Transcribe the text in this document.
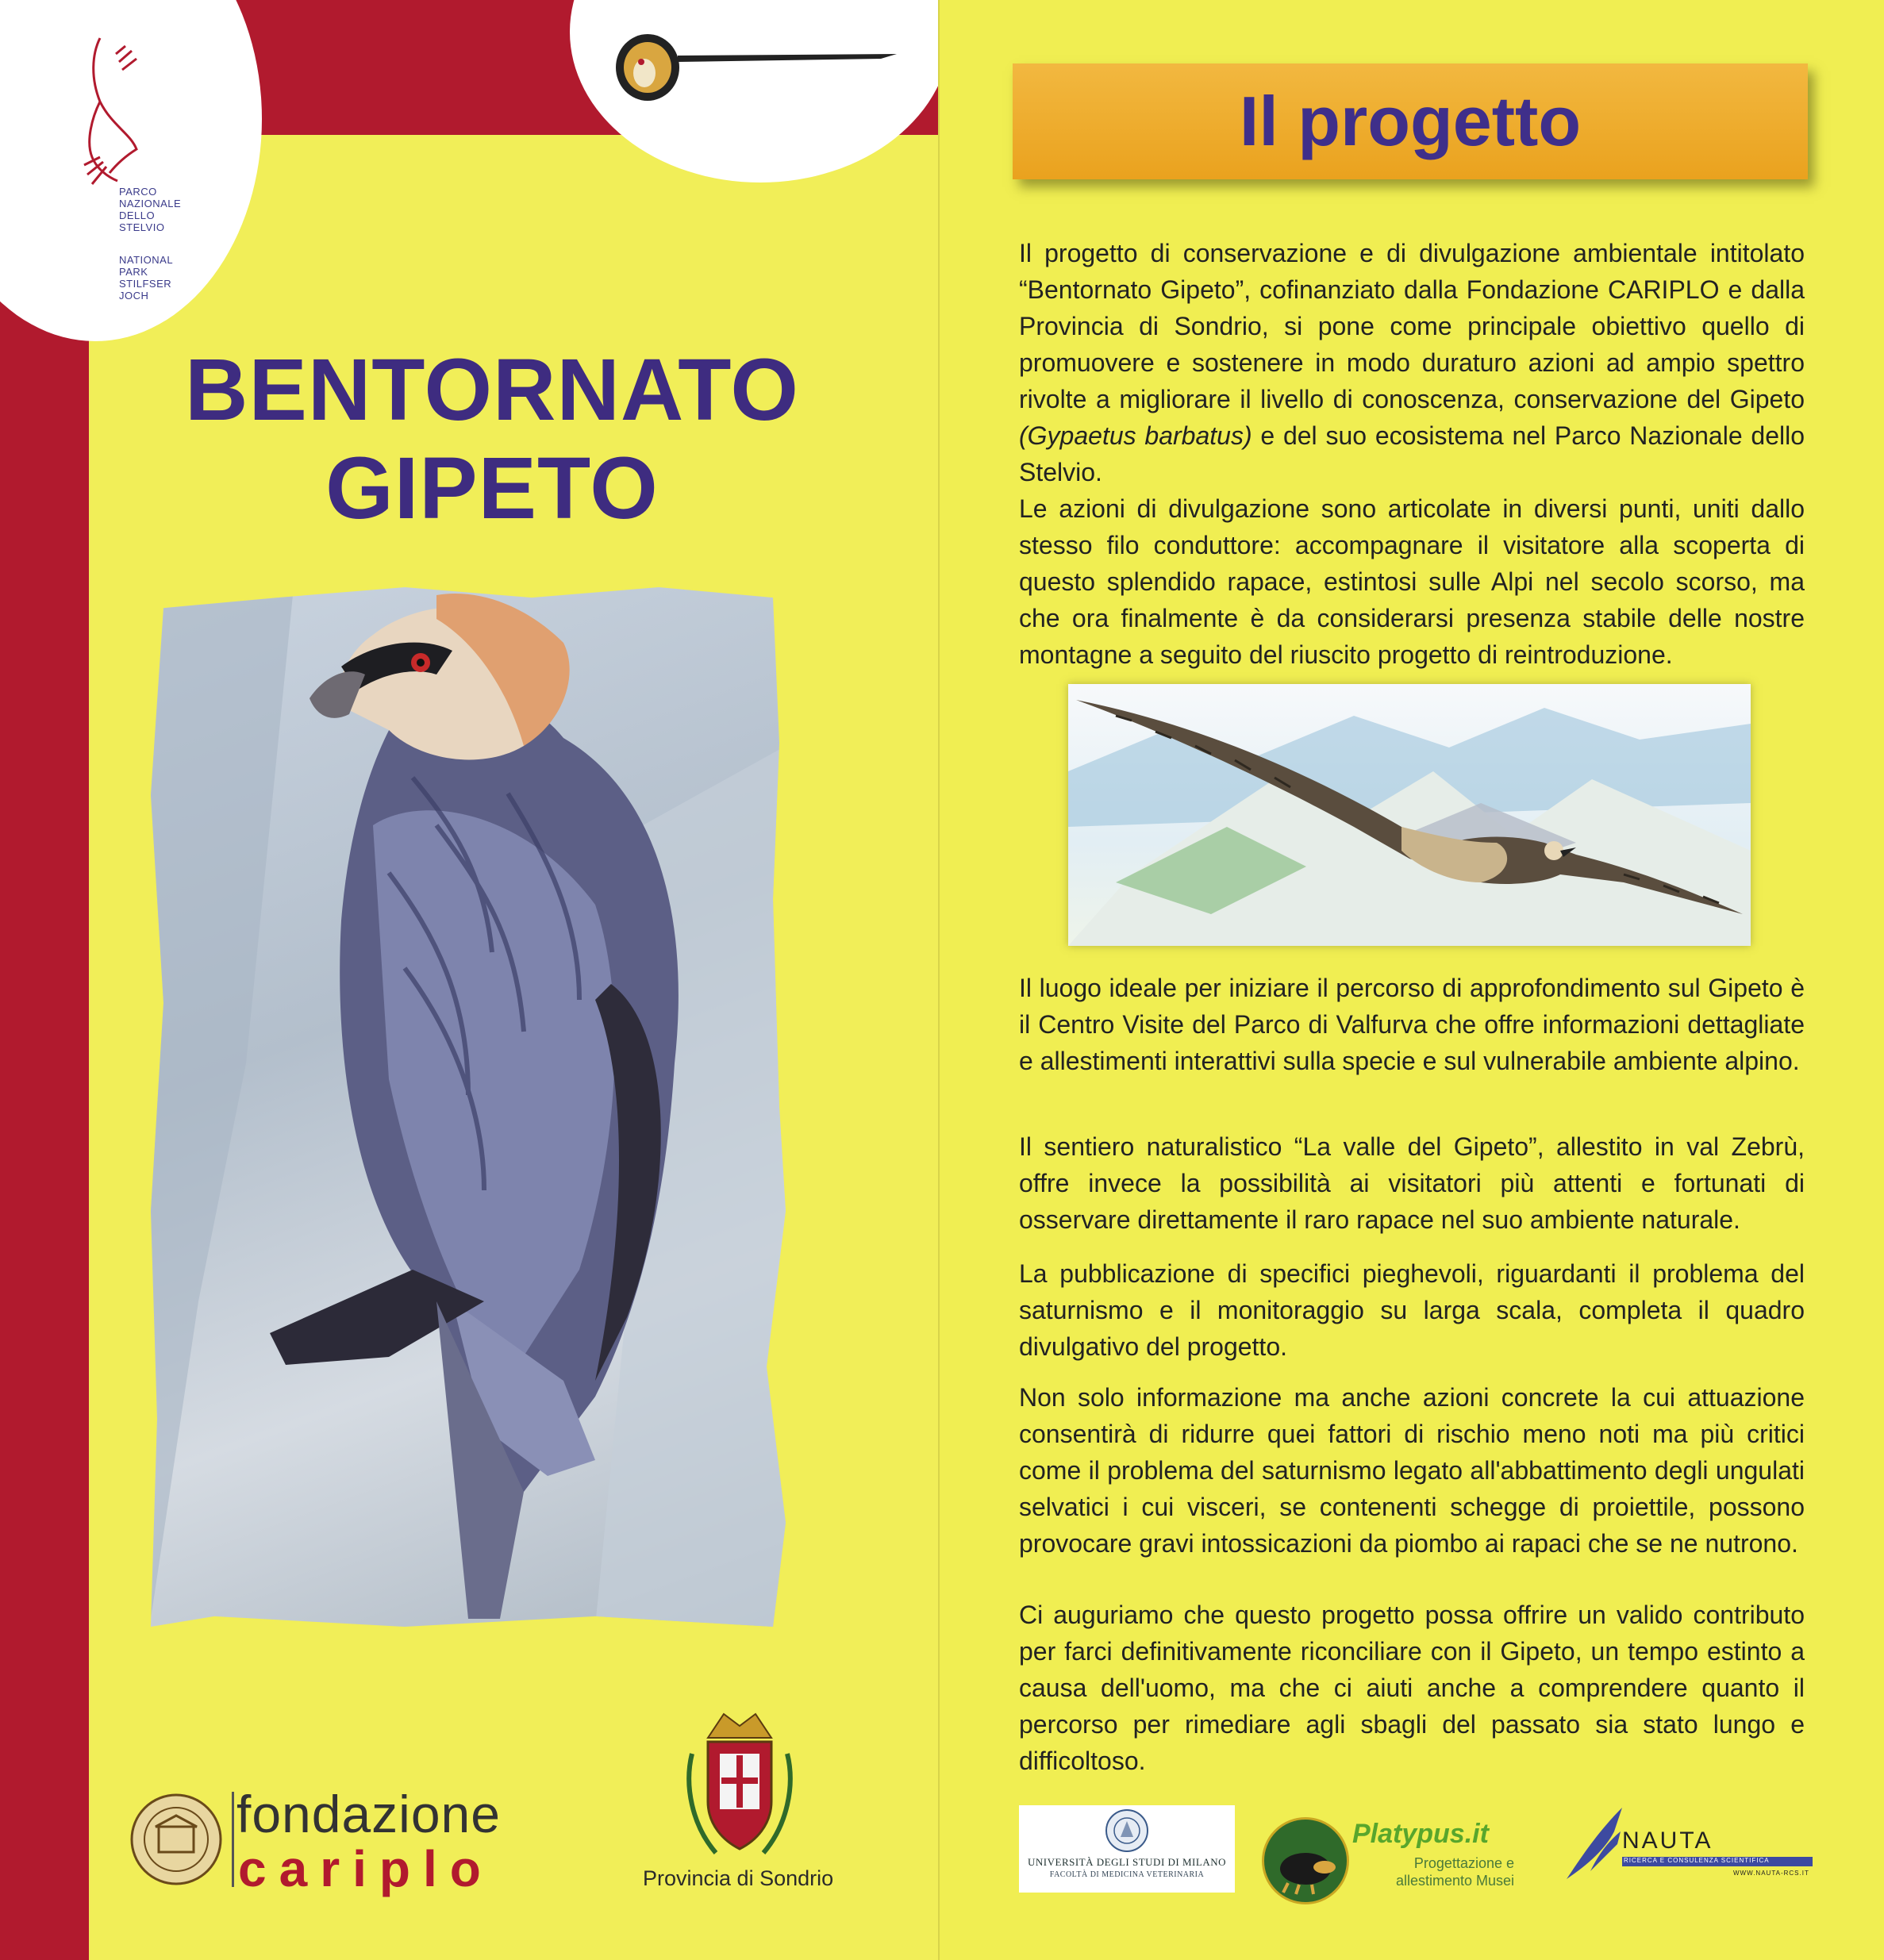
PARCO
NAZIONALE
DELLO
STELVIO
NATIONAL
PARK
STILFSER
JOCH
BENTORNATO
GIPETO
fondazione
cariplo	Provincia di Sondrio
Il progetto
Il progetto di conservazione e di divulgazione ambientale intitolato “Bentornato Gipeto”, cofinanziato dalla Fondazione CARIPLO e dalla Provincia di Sondrio, si pone come principale obiettivo quello di promuovere e sostenere in modo duraturo azioni ad ampio spettro rivolte a migliorare il livello di conoscenza, conservazione del Gipeto (Gypaetus barbatus) e del suo ecosistema nel Parco Nazionale dello Stelvio.
Le azioni di divulgazione sono articolate in diversi punti, uniti dallo stesso filo conduttore: accompagnare il visitatore alla scoperta di questo splendido rapace, estintosi sulle Alpi nel secolo scorso, ma che ora finalmente è da considerarsi presenza stabile delle nostre montagne a seguito del riuscito progetto di reintroduzione.
Il luogo ideale per iniziare il percorso di approfondimento sul Gipeto è il Centro Visite del Parco di Valfurva che offre informazioni dettagliate e allestimenti interattivi sulla specie e sul vulnerabile ambiente alpino.
Il sentiero naturalistico “La valle del Gipeto”, allestito in val Zebrù, offre invece la possibilità ai visitatori più attenti e fortunati di osservare direttamente il raro rapace nel suo ambiente naturale.
La pubblicazione di specifici pieghevoli, riguardanti il problema del saturnismo e il monitoraggio su larga scala, completa il quadro divulgativo del progetto.
Non solo informazione ma anche azioni concrete la cui attuazione consentirà di ridurre quei fattori di rischio meno noti ma più critici come il problema del saturnismo legato all'abbattimento degli ungulati selvatici i cui visceri, se contenenti schegge di proiettile, possono provocare gravi intossicazioni da piombo ai rapaci che se ne nutrono.
Ci auguriamo che questo progetto possa offrire un valido contributo per farci definitivamente riconciliare con il Gipeto, un tempo estinto a causa dell'uomo, ma che ci aiuti anche a comprendere quanto il percorso per rimediare agli sbagli del passato sia stato lungo e difficoltoso.
UNIVERSITÀ DEGLI STUDI DI MILANO
FACOLTÀ DI MEDICINA VETERINARIA
Platypus.it
Progettazione e
allestimento Musei
NAUTA
RICERCA E CONSULENZA SCIENTIFICA
WWW.NAUTA-RCS.IT
